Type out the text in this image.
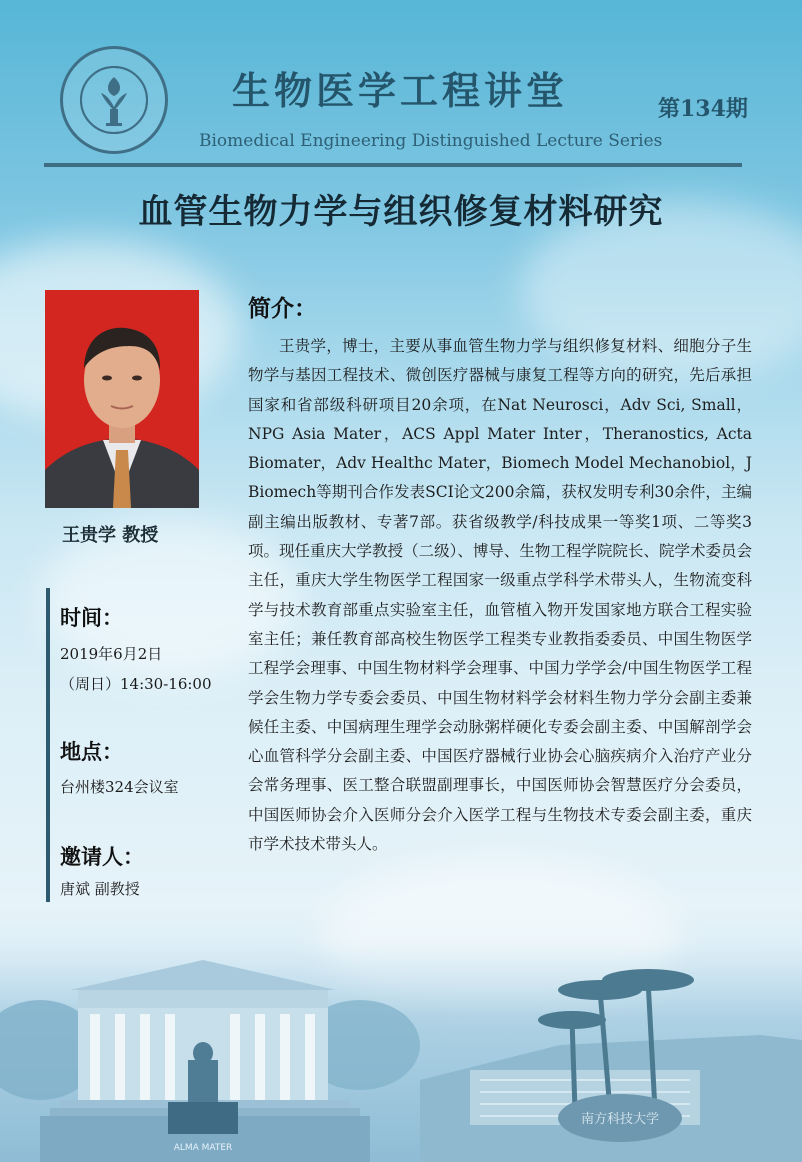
生物医学工程讲堂	第134期
Biomedical Engineering Distinguished Lecture Series
血管生物力学与组织修复材料研究
王贵学 教授
时间：
2019年6月2日
（周日）14:30-16:00
地点：
台州楼324会议室
邀请人：
唐斌 副教授
简介：

王贵学，博士，主要从事血管生物力学与组织修复材料、细胞分子生物学与基因工程技术、微创医疗器械与康复工程等方向的研究，先后承担国家和省部级科研项目20余项，在Nat Neurosci，Adv Sci, Small，NPG Asia Mater，ACS Appl Mater Inter，Theranostics, Acta Biomater，Adv Healthc Mater，Biomech Model Mechanobiol，J Biomech等期刊合作发表SCI论文200余篇，获权发明专利30余件，主编副主编出版教材、专著7部。获省级教学/科技成果一等奖1项、二等奖3项。现任重庆大学教授（二级）、博导、生物工程学院院长、院学术委员会主任，重庆大学生物医学工程国家一级重点学科学术带头人，生物流变科学与技术教育部重点实验室主任，血管植入物开发国家地方联合工程实验室主任；兼任教育部高校生物医学工程类专业教指委委员、中国生物医学工程学会理事、中国生物材料学会理事、中国力学学会/中国生物医学工程学会生物力学专委会委员、中国生物材料学会材料生物力学分会副主委兼候任主委、中国病理生理学会动脉粥样硬化专委会副主委、中国解剖学会心血管科学分会副主委、中国医疗器械行业协会心脑疾病介入治疗产业分会常务理事、医工整合联盟副理事长，中国医师协会智慧医疗分会委员，中国医师协会介入医师分会介入医学工程与生物技术专委会副主委，重庆市学术技术带头人。

ALMA MATER
南方科技大学
